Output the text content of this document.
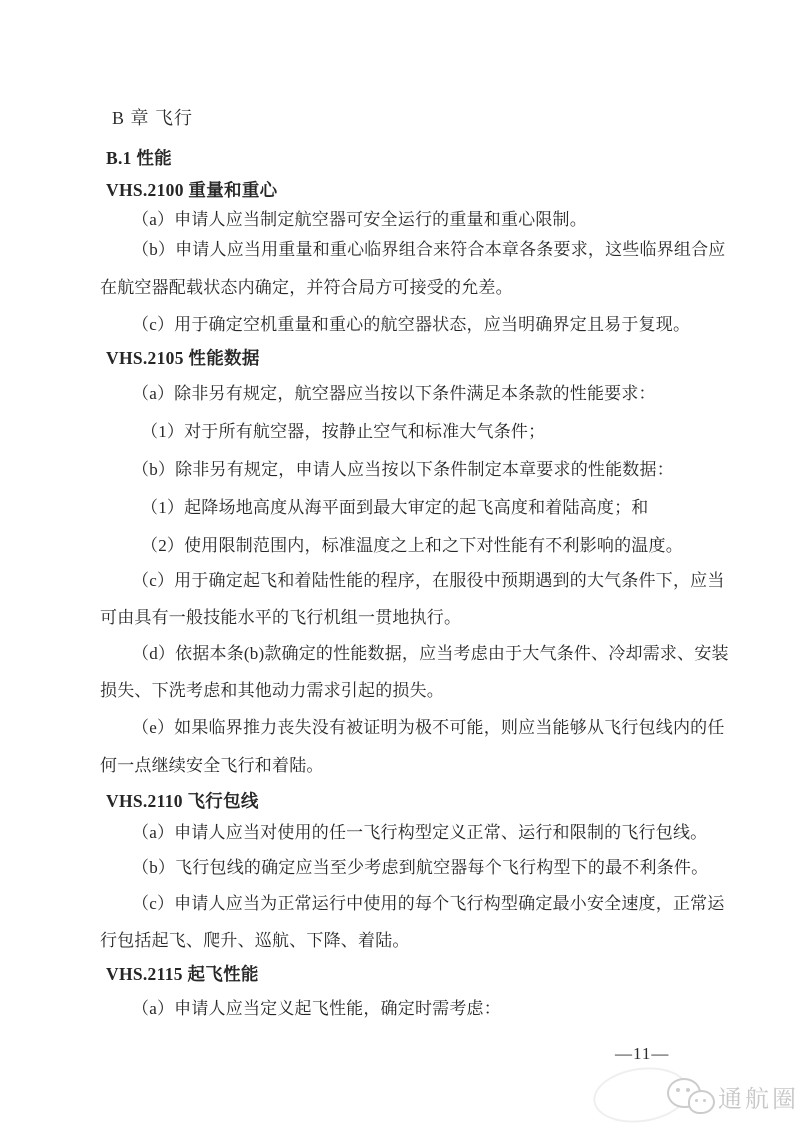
B 章 飞行
B.1 性能
VHS.2100 重量和重心
（a）申请人应当制定航空器可安全运行的重量和重心限制。
（b）申请人应当用重量和重心临界组合来符合本章各条要求，这些临界组合应
在航空器配载状态内确定，并符合局方可接受的允差。
（c）用于确定空机重量和重心的航空器状态，应当明确界定且易于复现。
VHS.2105 性能数据
（a）除非另有规定，航空器应当按以下条件满足本条款的性能要求：
（1）对于所有航空器，按静止空气和标准大气条件；
（b）除非另有规定，申请人应当按以下条件制定本章要求的性能数据：
（1）起降场地高度从海平面到最大审定的起飞高度和着陆高度；和
（2）使用限制范围内，标准温度之上和之下对性能有不利影响的温度。
（c）用于确定起飞和着陆性能的程序，在服役中预期遇到的大气条件下，应当
可由具有一般技能水平的飞行机组一贯地执行。
（d）依据本条(b)款确定的性能数据，应当考虑由于大气条件、冷却需求、安装
损失、下洗考虑和其他动力需求引起的损失。
（e）如果临界推力丧失没有被证明为极不可能，则应当能够从飞行包线内的任
何一点继续安全飞行和着陆。
VHS.2110 飞行包线
（a）申请人应当对使用的任一飞行构型定义正常、运行和限制的飞行包线。
（b）飞行包线的确定应当至少考虑到航空器每个飞行构型下的最不利条件。
（c）申请人应当为正常运行中使用的每个飞行构型确定最小安全速度，正常运
行包括起飞、爬升、巡航、下降、着陆。
VHS.2115 起飞性能
（a）申请人应当定义起飞性能，确定时需考虑：
—11—
通航圈
